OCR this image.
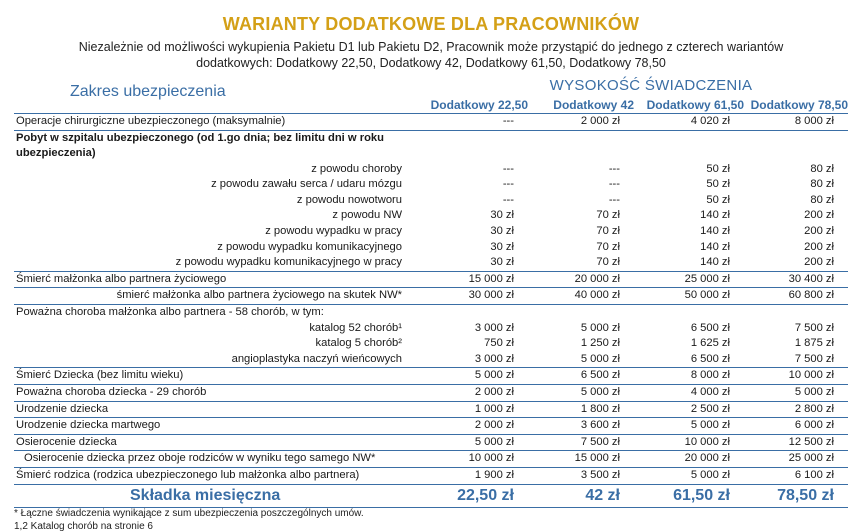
WARIANTY DODATKOWE DLA PRACOWNIKÓW
Niezależnie od możliwości wykupienia Pakietu D1 lub Pakietu D2, Pracownik może przystąpić do jednego z czterech wariantów dodatkowych: Dodatkowy 22,50, Dodatkowy 42, Dodatkowy 61,50, Dodatkowy 78,50
Zakres ubezpieczenia	WYSOKOŚĆ ŚWIADCZENIA
Dodatkowy 22,50 Dodatkowy 42 Dodatkowy 61,50 Dodatkowy 78,50
Operacje chirurgiczne ubezpieczonego (maksymalnie)	---	2 000 zł	4 020 zł	8 000 zł
Pobyt w szpitalu ubezpieczonego (od 1.go dnia; bez limitu dni w roku ubezpieczenia)
z powodu choroby	---	---	50 zł	80 zł
z powodu zawału serca / udaru mózgu	---	---	50 zł	80 zł
z powodu nowotworu	---	---	50 zł	80 zł
z powodu NW	30 zł	70 zł	140 zł	200 zł
z powodu wypadku w pracy	30 zł	70 zł	140 zł	200 zł
z powodu wypadku komunikacyjnego	30 zł	70 zł	140 zł	200 zł
z powodu wypadku komunikacyjnego w pracy	30 zł	70 zł	140 zł	200 zł
Śmierć małżonka albo partnera życiowego	15 000 zł	20 000 zł	25 000 zł	30 400 zł
śmierć małżonka albo partnera życiowego na skutek NW*	30 000 zł	40 000 zł	50 000 zł	60 800 zł
Poważna choroba małżonka albo partnera - 58 chorób, w tym:
katalog 52 chorób¹	3 000 zł	5 000 zł	6 500 zł	7 500 zł
katalog 5 chorób²	750 zł	1 250 zł	1 625 zł	1 875 zł
angioplastyka naczyń wieńcowych	3 000 zł	5 000 zł	6 500 zł	7 500 zł
Śmierć Dziecka (bez limitu wieku)	5 000 zł	6 500 zł	8 000 zł	10 000 zł
Poważna choroba dziecka - 29 chorób	2 000 zł	5 000 zł	4 000 zł	5 000 zł
Urodzenie dziecka	1 000 zł	1 800 zł	2 500 zł	2 800 zł
Urodzenie dziecka martwego	2 000 zł	3 600 zł	5 000 zł	6 000 zł
Osierocenie dziecka	5 000 zł	7 500 zł	10 000 zł	12 500 zł
Osierocenie dziecka przez oboje rodziców w wyniku tego samego NW*	10 000 zł	15 000 zł	20 000 zł	25 000 zł
Śmierć rodzica (rodzica ubezpieczonego lub małżonka albo partnera)	1 900 zł	3 500 zł	5 000 zł	6 100 zł
Składka miesięczna	22,50 zł	42 zł	61,50 zł	78,50 zł
* Łączne świadczenia wynikające z sum ubezpieczenia poszczególnych umów.
1,2 Katalog chorób na stronie 6
